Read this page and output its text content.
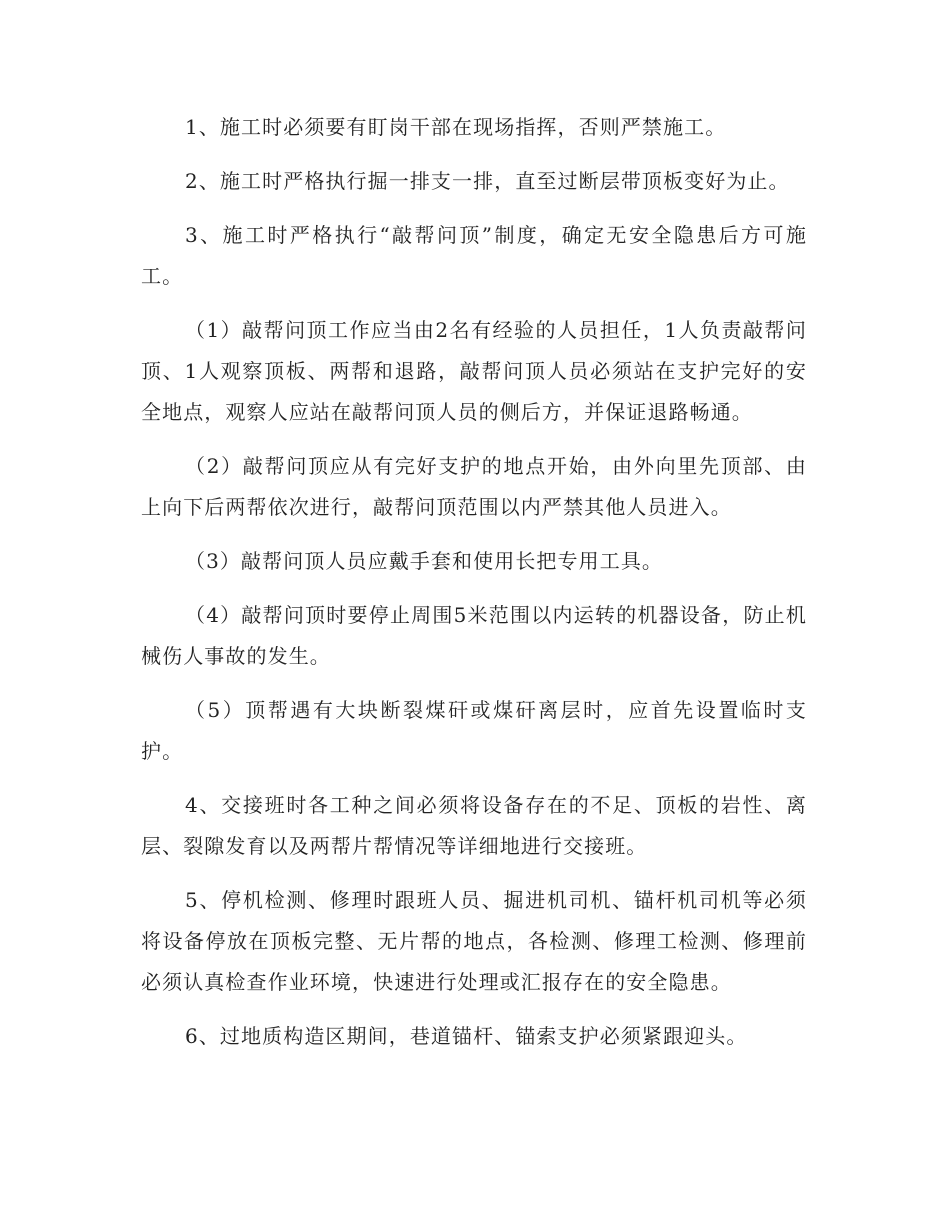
1、施工时必须要有盯岗干部在现场指挥，否则严禁施工。

2、施工时严格执行掘一排支一排，直至过断层带顶板变好为止。

3、施工时严格执行“敲帮问顶”制度，确定无安全隐患后方可施工。

（1）敲帮问顶工作应当由2名有经验的人员担任，1人负责敲帮问顶、1人观察顶板、两帮和退路，敲帮问顶人员必须站在支护完好的安全地点，观察人应站在敲帮问顶人员的侧后方，并保证退路畅通。

（2）敲帮问顶应从有完好支护的地点开始，由外向里先顶部、由上向下后两帮依次进行，敲帮问顶范围以内严禁其他人员进入。

（3）敲帮问顶人员应戴手套和使用长把专用工具。

（4）敲帮问顶时要停止周围5米范围以内运转的机器设备，防止机械伤人事故的发生。

（5）顶帮遇有大块断裂煤矸或煤矸离层时，应首先设置临时支护。

4、交接班时各工种之间必须将设备存在的不足、顶板的岩性、离层、裂隙发育以及两帮片帮情况等详细地进行交接班。

5、停机检测、修理时跟班人员、掘进机司机、锚杆机司机等必须将设备停放在顶板完整、无片帮的地点，各检测、修理工检测、修理前必须认真检查作业环境，快速进行处理或汇报存在的安全隐患。

6、过地质构造区期间，巷道锚杆、锚索支护必须紧跟迎头。
